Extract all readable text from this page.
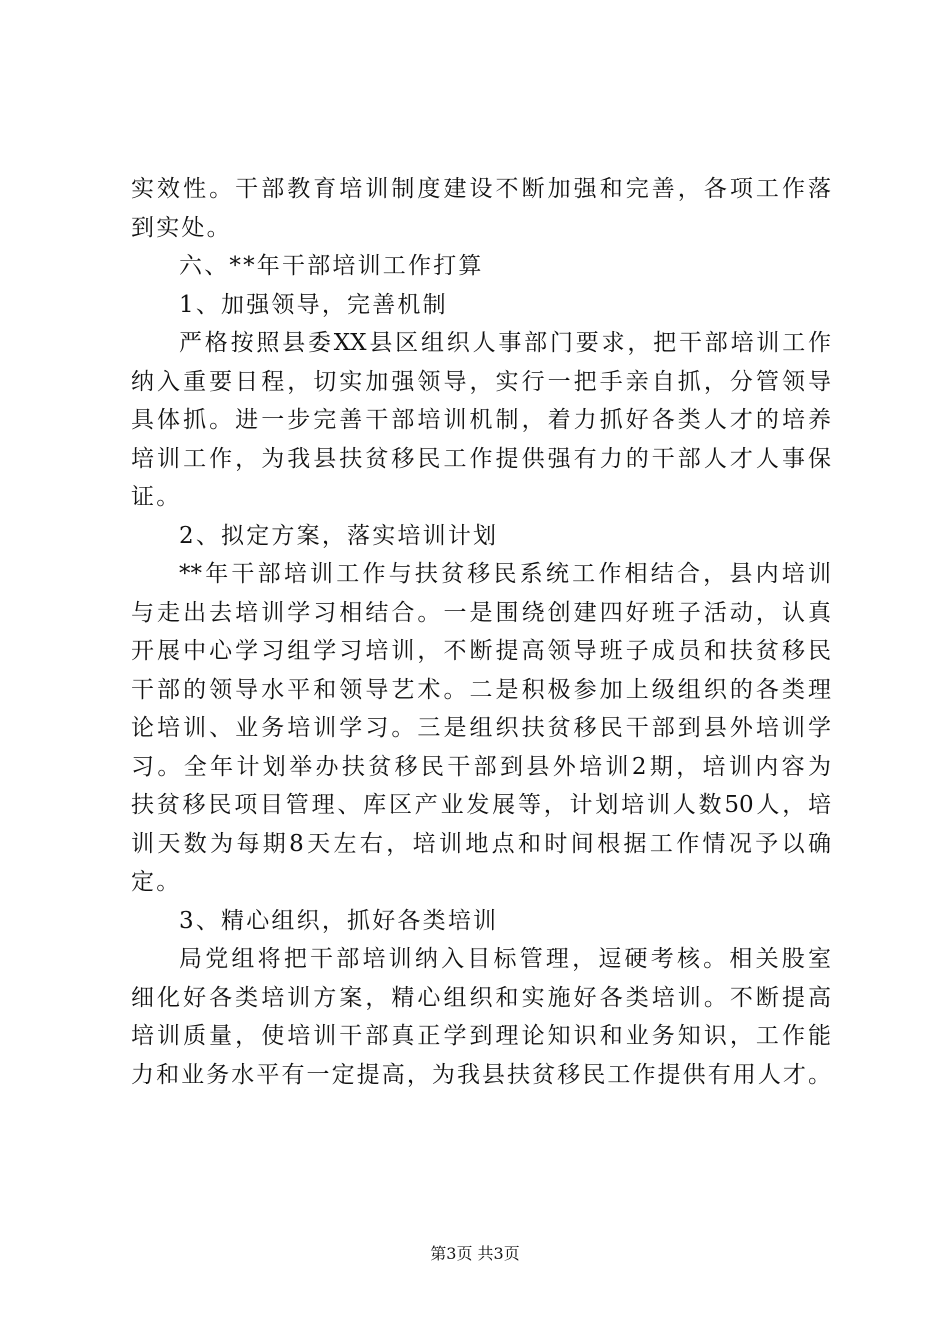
实效性。干部教育培训制度建设不断加强和完善，各项工作落
到实处。
六、**年干部培训工作打算
1、加强领导，完善机制
严格按照县委XX县区组织人事部门要求，把干部培训工作
纳入重要日程，切实加强领导，实行一把手亲自抓，分管领导
具体抓。进一步完善干部培训机制，着力抓好各类人才的培养
培训工作，为我县扶贫移民工作提供强有力的干部人才人事保
证。
2、拟定方案，落实培训计划
**年干部培训工作与扶贫移民系统工作相结合，县内培训
与走出去培训学习相结合。一是围绕创建四好班子活动，认真
开展中心学习组学习培训，不断提高领导班子成员和扶贫移民
干部的领导水平和领导艺术。二是积极参加上级组织的各类理
论培训、业务培训学习。三是组织扶贫移民干部到县外培训学
习。全年计划举办扶贫移民干部到县外培训2期，培训内容为
扶贫移民项目管理、库区产业发展等，计划培训人数50人，培
训天数为每期8天左右，培训地点和时间根据工作情况予以确
定。
3、精心组织，抓好各类培训
局党组将把干部培训纳入目标管理，逗硬考核。相关股室
细化好各类培训方案，精心组织和实施好各类培训。不断提高
培训质量，使培训干部真正学到理论知识和业务知识，工作能
力和业务水平有一定提高，为我县扶贫移民工作提供有用人才。
第3页 共3页
